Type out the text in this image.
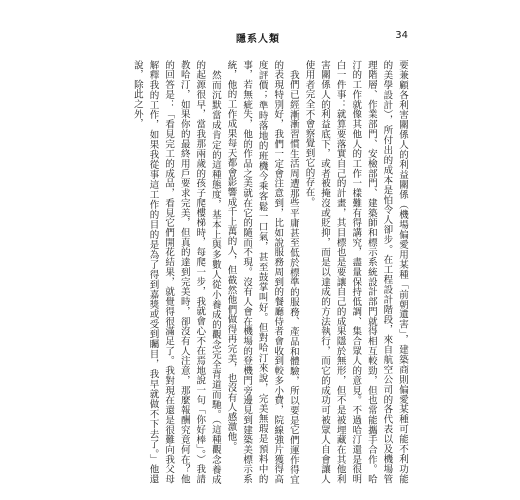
隱系人類	34

要兼顧各利害關係人的利益關係（機場偏愛用某種「前朝遺害」，建築商則偏愛某種可能不利功能的美學設計），所付出的成本是怕令人卻步。在工程設計階段，來自航空公司的各代表以及機場管理階層、作業部門、安檢部門、建築師和標示系統設計部門就得相互較勁，但也常能攜手合作。哈汀的工作就像其他人的工作一樣難有得講究，盡量保持低調、集合眾人的意見。不過哈汀還是很明白一件事：就算要落實自己的計畫，其目標也是要讓自己的成果隱於無形，但不是被埋藏在其他利害關係人的利益底下，或者被掩沒或貶抑，而是以達成的方法執行，而它的成功可被眾人自會讓人使用者完全不會察覺到它的存在。

我們已經漸漸習慣生活周遭那些平庸甚至低於標準的服務、產品和體驗，所以要是它們運作得宜的表現特別好，我們一定會注意到，比如說服務周到的餐廳侍者會收到較多小費，院線強片獲得高度評價；準時落地的班機今乘客鬆一口氣，甚至鼓掌叫好。但對哈汀來說，完美無瑕是預料中的事，若無疵失，他的作品之美就在它的隨而不現。沒有人會在機場的登機門旁邊見到建築美標示系統，他的工作成果每天都會影響成千上萬的人，但截然他們做得再完美，也沒有人感激他。

然而沉默當成肯定的這種態度，基本上與多數人從小養成的觀念完全背道而馳。（這種觀念養成的起源很早，當我那兩歲的孩子爬樓梯時，每爬一步，我就會心不在焉地說一句「你好棒」。）我請教哈汀，如果你的最終用戶要求完美，但真的達到完美時，卻沒有人注意，那麼報酬究竟何在？他的回答是：「看見完工的成品，看見它們開花結果，就覺得很滿足了。我對現在還是很難向我父母解釋我的工作，如果我從事這工作的目的是為了得到嘉獎或受到矚目，我早就做不下去了。」他還說，除此之外，
